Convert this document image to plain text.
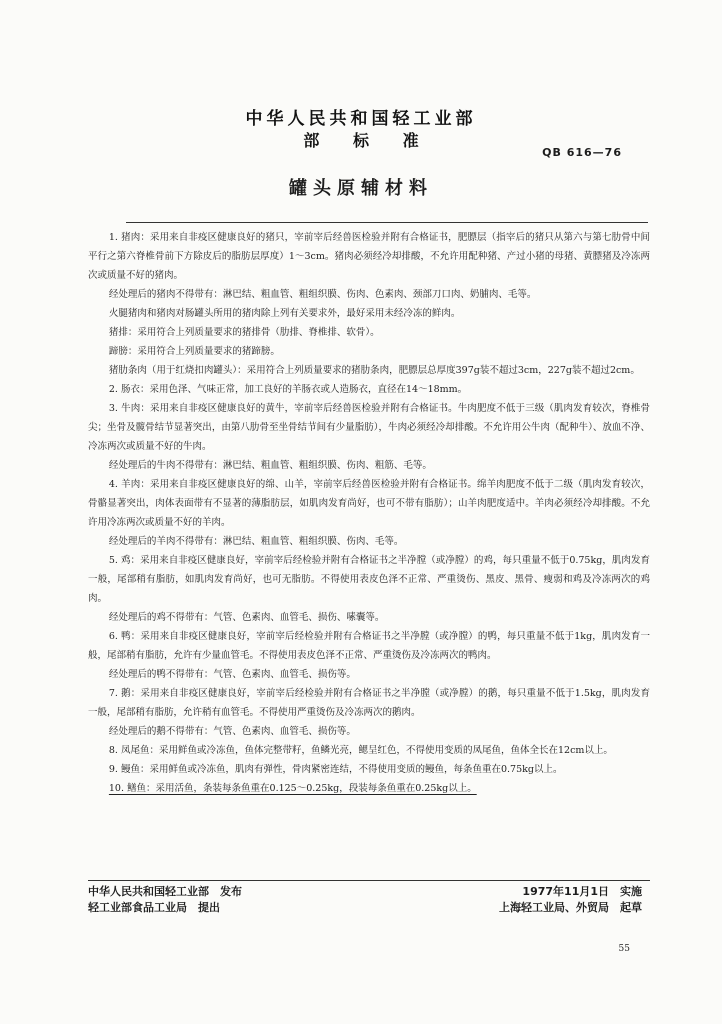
中华人民共和国轻工业部
部 标 准
QB 616—76
罐头原辅材料

1. 猪肉：采用来自非疫区健康良好的猪只，宰前宰后经兽医检验并附有合格证书，肥膘层（指宰后的猪只从第六与第七肋骨中间平行之第六脊椎骨前下方除皮后的脂肪层厚度）1～3cm。猪肉必须经冷却排酸，不允许用配种猪、产过小猪的母猪、黄膘猪及冷冻两次或质量不好的猪肉。

经处理后的猪肉不得带有：淋巴结、粗血管、粗组织膜、伤肉、色素肉、颈部刀口肉、奶脯肉、毛等。

火腿猪肉和猪肉对肠罐头所用的猪肉除上列有关要求外，最好采用未经冷冻的鲜肉。

猪排：采用符合上列质量要求的猪排骨（肋排、脊椎排、软骨）。

蹄膀：采用符合上列质量要求的猪蹄膀。

猪肋条肉（用于红烧扣肉罐头）：采用符合上列质量要求的猪肋条肉，肥膘层总厚度397g装不超过3cm，227g装不超过2cm。

2. 肠衣：采用色泽、气味正常，加工良好的羊肠衣或人造肠衣，直径在14～18mm。

3. 牛肉：采用来自非疫区健康良好的黄牛，宰前宰后经兽医检验并附有合格证书。牛肉肥度不低于三级（肌肉发育较次，脊椎骨尖；坐骨及髋骨结节显著突出，由第八肋骨至坐骨结节间有少量脂肪），牛肉必须经冷却排酸。不允许用公牛肉（配种牛）、放血不净、冷冻两次或质量不好的牛肉。

经处理后的牛肉不得带有：淋巴结、粗血管、粗组织膜、伤肉、粗筋、毛等。

4. 羊肉：采用来自非疫区健康良好的绵、山羊，宰前宰后经兽医检验并附有合格证书。绵羊肉肥度不低于二级（肌肉发育较次，骨骼显著突出，肉体表面带有不显著的薄脂肪层，如肌肉发育尚好，也可不带有脂肪）；山羊肉肥度适中。羊肉必须经冷却排酸。不允许用冷冻两次或质量不好的羊肉。

经处理后的羊肉不得带有：淋巴结、粗血管、粗组织膜、伤肉、毛等。

5. 鸡：采用来自非疫区健康良好，宰前宰后经检验并附有合格证书之半净膛（或净膛）的鸡，每只重量不低于0.75kg，肌肉发育一般，尾部稍有脂肪，如肌肉发育尚好，也可无脂肪。不得使用表皮色泽不正常、严重烫伤、黑皮、黑骨、瘦弱和鸡及冷冻两次的鸡肉。

经处理后的鸡不得带有：气管、色素肉、血管毛、损伤、嗉囊等。

6. 鸭：采用来自非疫区健康良好，宰前宰后经检验并附有合格证书之半净膛（或净膛）的鸭，每只重量不低于1kg，肌肉发育一般，尾部稍有脂肪，允许有少量血管毛。不得使用表皮色泽不正常、严重烫伤及冷冻两次的鸭肉。

经处理后的鸭不得带有：气管、色素肉、血管毛、损伤等。

7. 鹅：采用来自非疫区健康良好，宰前宰后经检验并附有合格证书之半净膛（或净膛）的鹅，每只重量不低于1.5kg，肌肉发育一般，尾部稍有脂肪，允许稍有血管毛。不得使用严重烫伤及冷冻两次的鹅肉。

经处理后的鹅不得带有：气管、色素肉、血管毛、损伤等。

8. 凤尾鱼：采用鲜鱼或冷冻鱼，鱼体完整带籽，鱼鳞光亮，鳃呈红色，不得使用变质的凤尾鱼，鱼体全长在12cm以上。

9. 鳗鱼：采用鲜鱼或冷冻鱼，肌肉有弹性，骨肉紧密连结，不得使用变质的鳗鱼，每条鱼重在0.75kg以上。

10. 鳝鱼：采用活鱼，条装每条鱼重在0.125～0.25kg，段装每条鱼重在0.25kg以上。

中华人民共和国轻工业部　发布
轻工业部食品工业局　提出
1977年11月1日　实施
上海轻工业局、外贸局　起草
55
